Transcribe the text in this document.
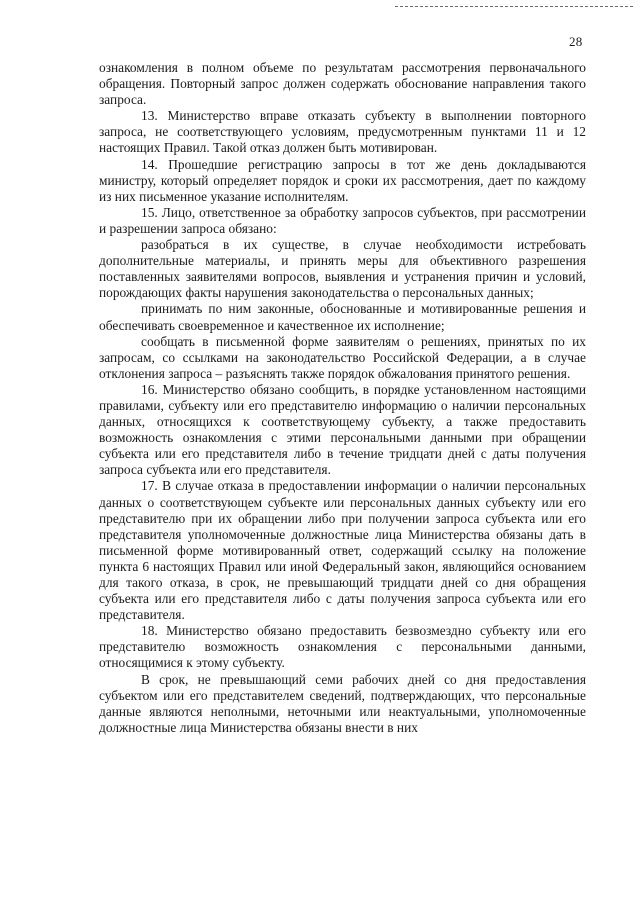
28

ознакомления в полном объеме по результатам рассмотрения первоначального обращения. Повторный запрос должен содержать обоснование направления такого запроса.

13. Министерство вправе отказать субъекту в выполнении повторного запроса, не соответствующего условиям, предусмотренным пунктами 11 и 12 настоящих Правил. Такой отказ должен быть мотивирован.

14. Прошедшие регистрацию запросы в тот же день докладываются министру, который определяет порядок и сроки их рассмотрения, дает по каждому из них письменное указание исполнителям.

15. Лицо, ответственное за обработку запросов субъектов, при рассмотрении и разрешении запроса обязано:

разобраться в их существе, в случае необходимости истребовать дополнительные материалы, и принять меры для объективного разрешения поставленных заявителями вопросов, выявления и устранения причин и условий, порождающих факты нарушения законодательства о персональных данных;

принимать по ним законные, обоснованные и мотивированные решения и обеспечивать своевременное и качественное их исполнение;

сообщать в письменной форме заявителям о решениях, принятых по их запросам, со ссылками на законодательство Российской Федерации, а в случае отклонения запроса – разъяснять также порядок обжалования принятого решения.

16. Министерство обязано сообщить, в порядке установленном настоящими правилами, субъекту или его представителю информацию о наличии персональных данных, относящихся к соответствующему субъекту, а также предоставить возможность ознакомления с этими персональными данными при обращении субъекта или его представителя либо в течение тридцати дней с даты получения запроса субъекта или его представителя.

17. В случае отказа в предоставлении информации о наличии персональных данных о соответствующем субъекте или персональных данных субъекту или его представителю при их обращении либо при получении запроса субъекта или его представителя уполномоченные должностные лица Министерства обязаны дать в письменной форме мотивированный ответ, содержащий ссылку на положение пункта 6 настоящих Правил или иной Федеральный закон, являющийся основанием для такого отказа, в срок, не превышающий тридцати дней со дня обращения субъекта или его представителя либо с даты получения запроса субъекта или его представителя.

18. Министерство обязано предоставить безвозмездно субъекту или его представителю возможность ознакомления с персональными данными, относящимися к этому субъекту.

В срок, не превышающий семи рабочих дней со дня предоставления субъектом или его представителем сведений, подтверждающих, что персональные данные являются неполными, неточными или неактуальными, уполномоченные должностные лица Министерства обязаны внести в них
